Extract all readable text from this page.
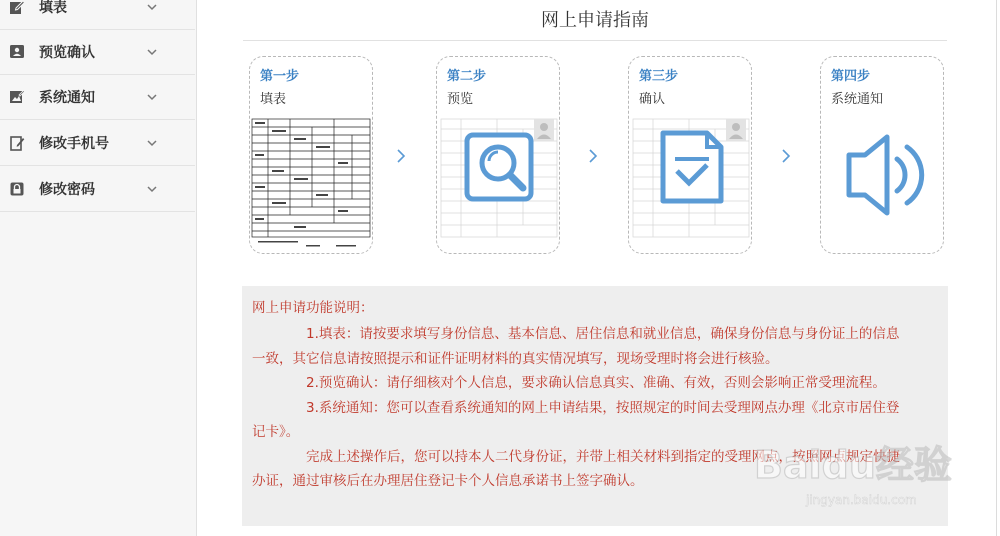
填表
预览确认
系统通知
修改手机号
修改密码
网上申请指南
第一步
填表
第二步
预览
第三步
确认
第四步
系统通知
网上申请功能说明：

1.填表：请按要求填写身份信息、基本信息、居住信息和就业信息，确保身份信息与身份证上的信息一致，其它信息请按照提示和证件证明材料的真实情况填写，现场受理时将会进行核验。

2.预览确认：请仔细核对个人信息，要求确认信息真实、准确、有效，否则会影响正常受理流程。

3.系统通知：您可以查看系统通知的网上申请结果，按照规定的时间去受理网点办理《北京市居住登记卡》。

完成上述操作后，您可以持本人二代身份证，并带上相关材料到指定的受理网点，按照网点规定快捷办证，通过审核后在办理居住登记卡个人信息承诺书上签字确认。	Baidu经验
jingyan.baidu.com
